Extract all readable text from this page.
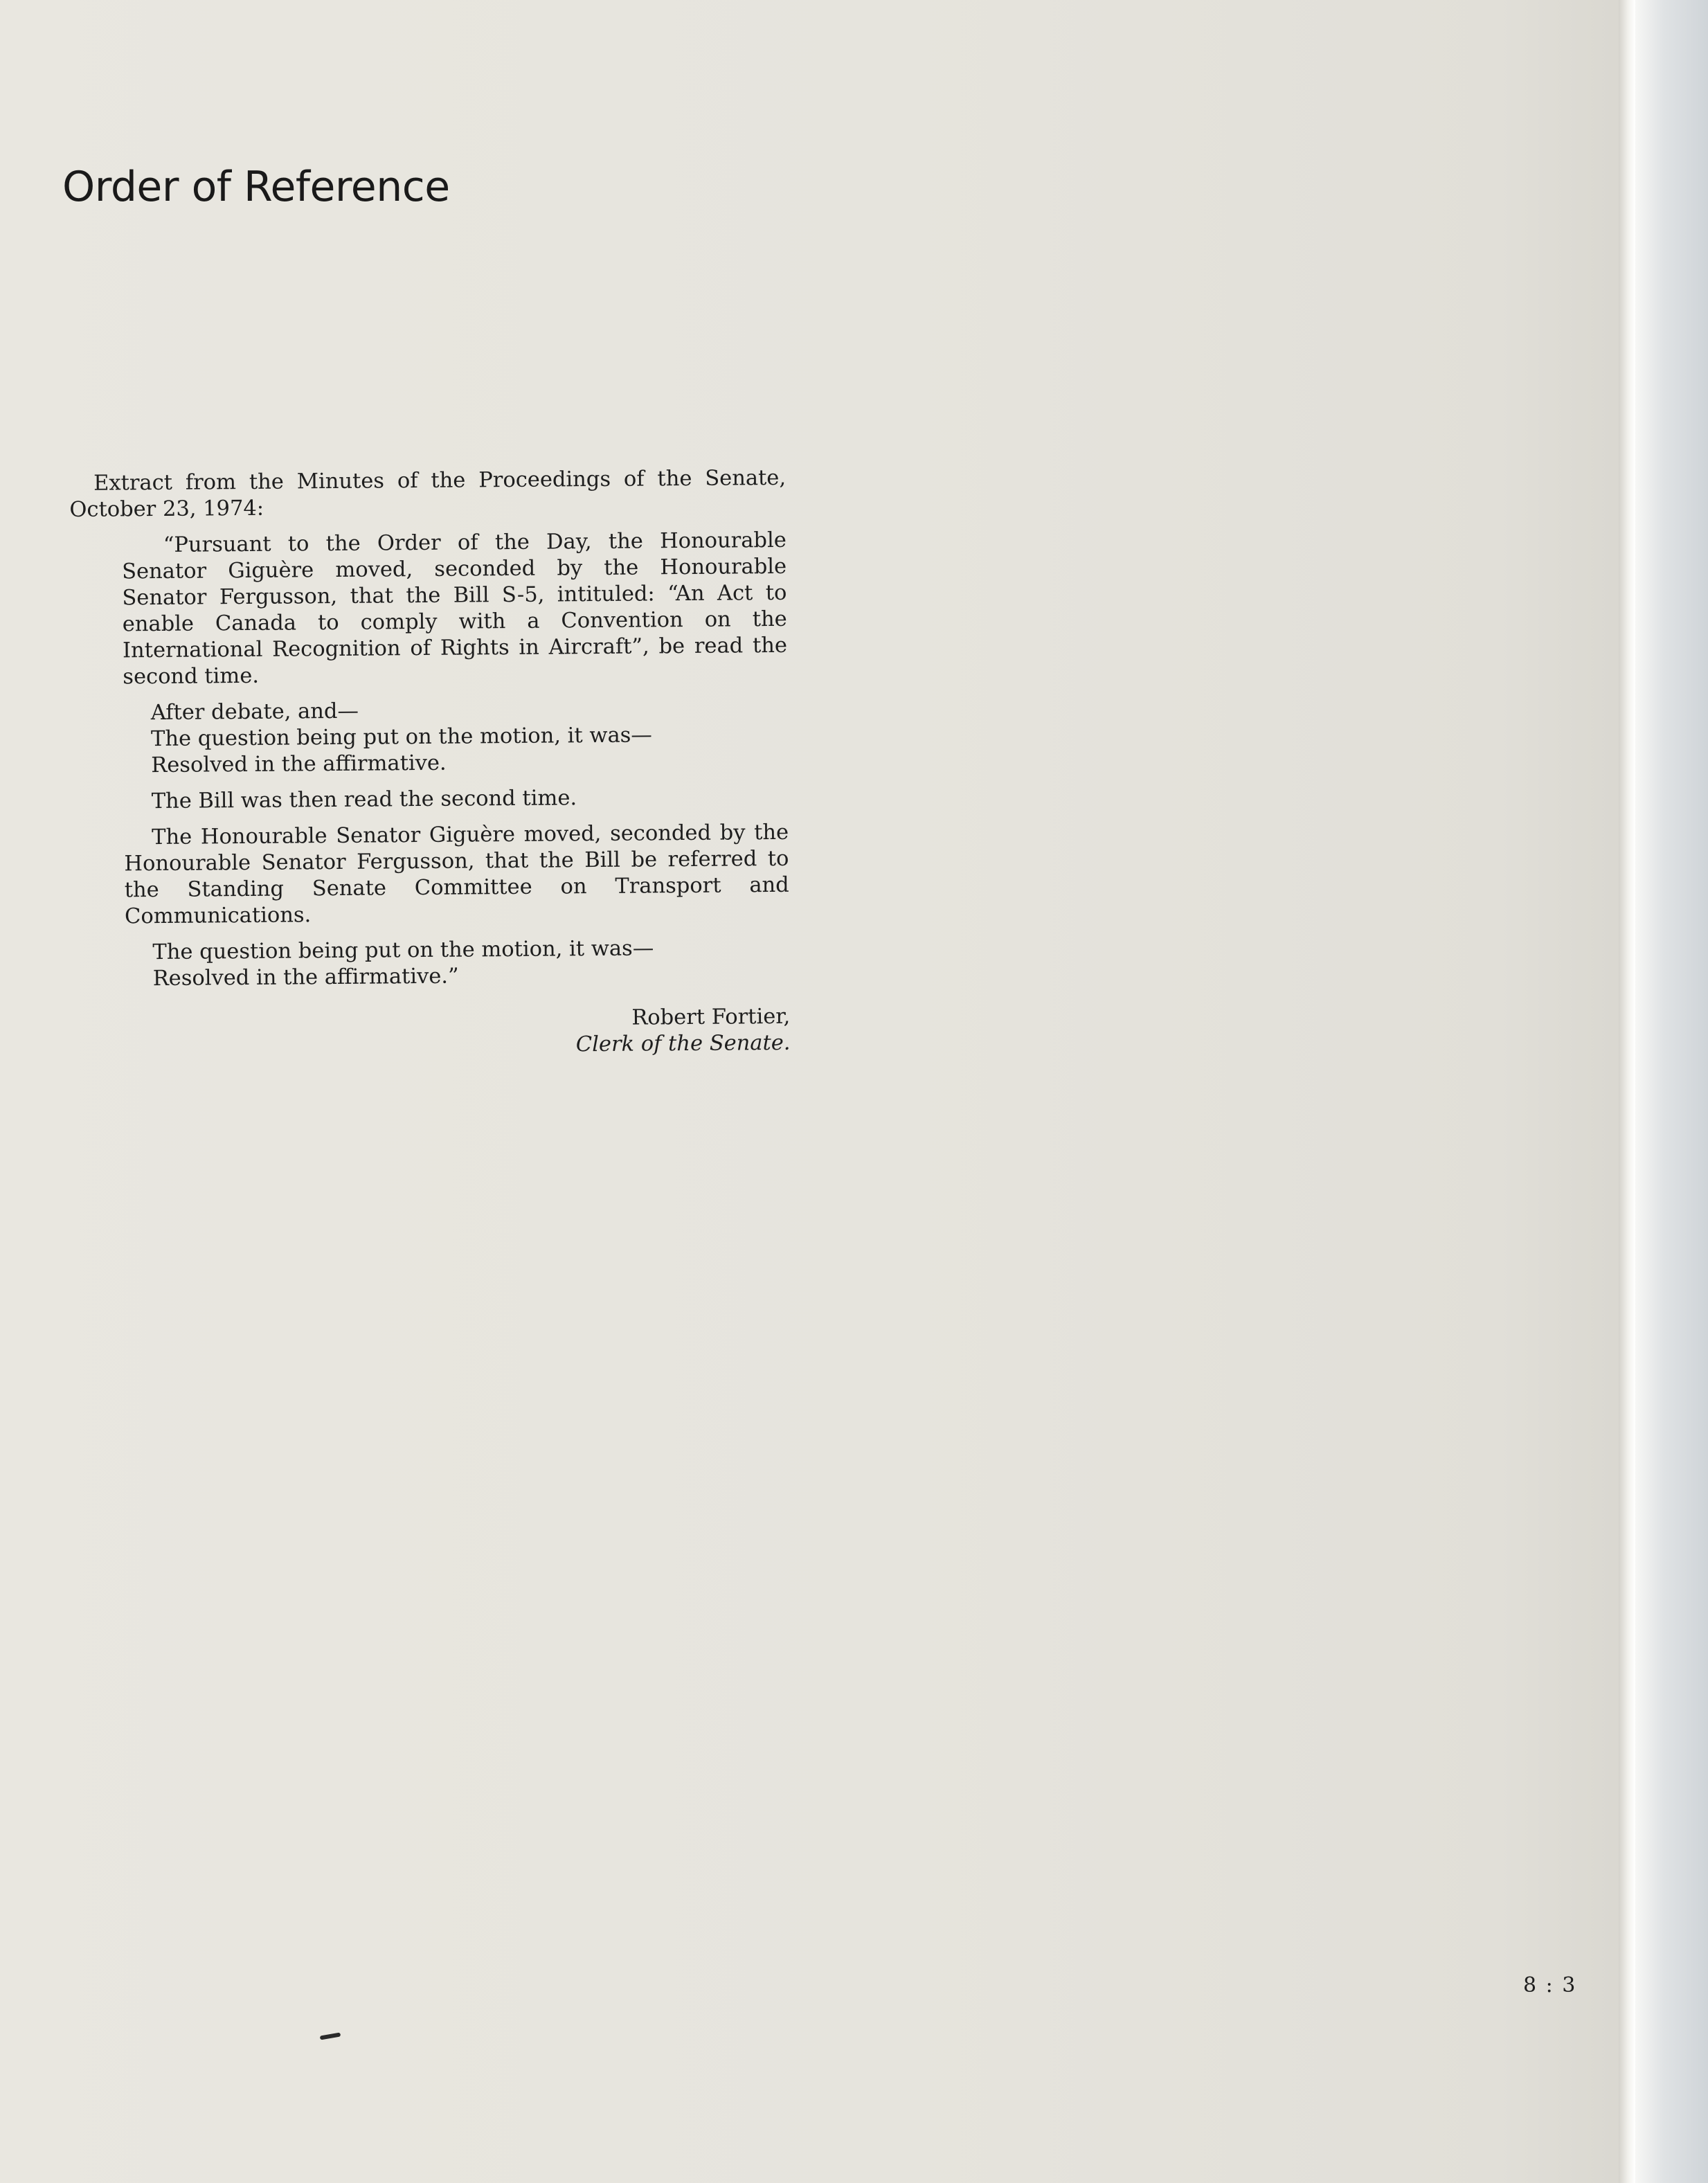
Order of Reference

Extract from the Minutes of the Proceedings of the Senate, October 23, 1974:

“Pursuant to the Order of the Day, the Honourable Senator Giguère moved, seconded by the Honourable Senator Fergusson, that the Bill S-5, intituled: “An Act to enable Canada to comply with a Convention on the International Recognition of Rights in Aircraft”, be read the second time.

After debate, and—

The question being put on the motion, it was—

Resolved in the affirmative.

The Bill was then read the second time.

The Honourable Senator Giguère moved, seconded by the Honourable Senator Fergusson, that the Bill be referred to the Standing Senate Committee on Transport and Communications.

The question being put on the motion, it was—

Resolved in the affirmative.”

Robert Fortier,

Clerk of the Senate.

8 : 3
